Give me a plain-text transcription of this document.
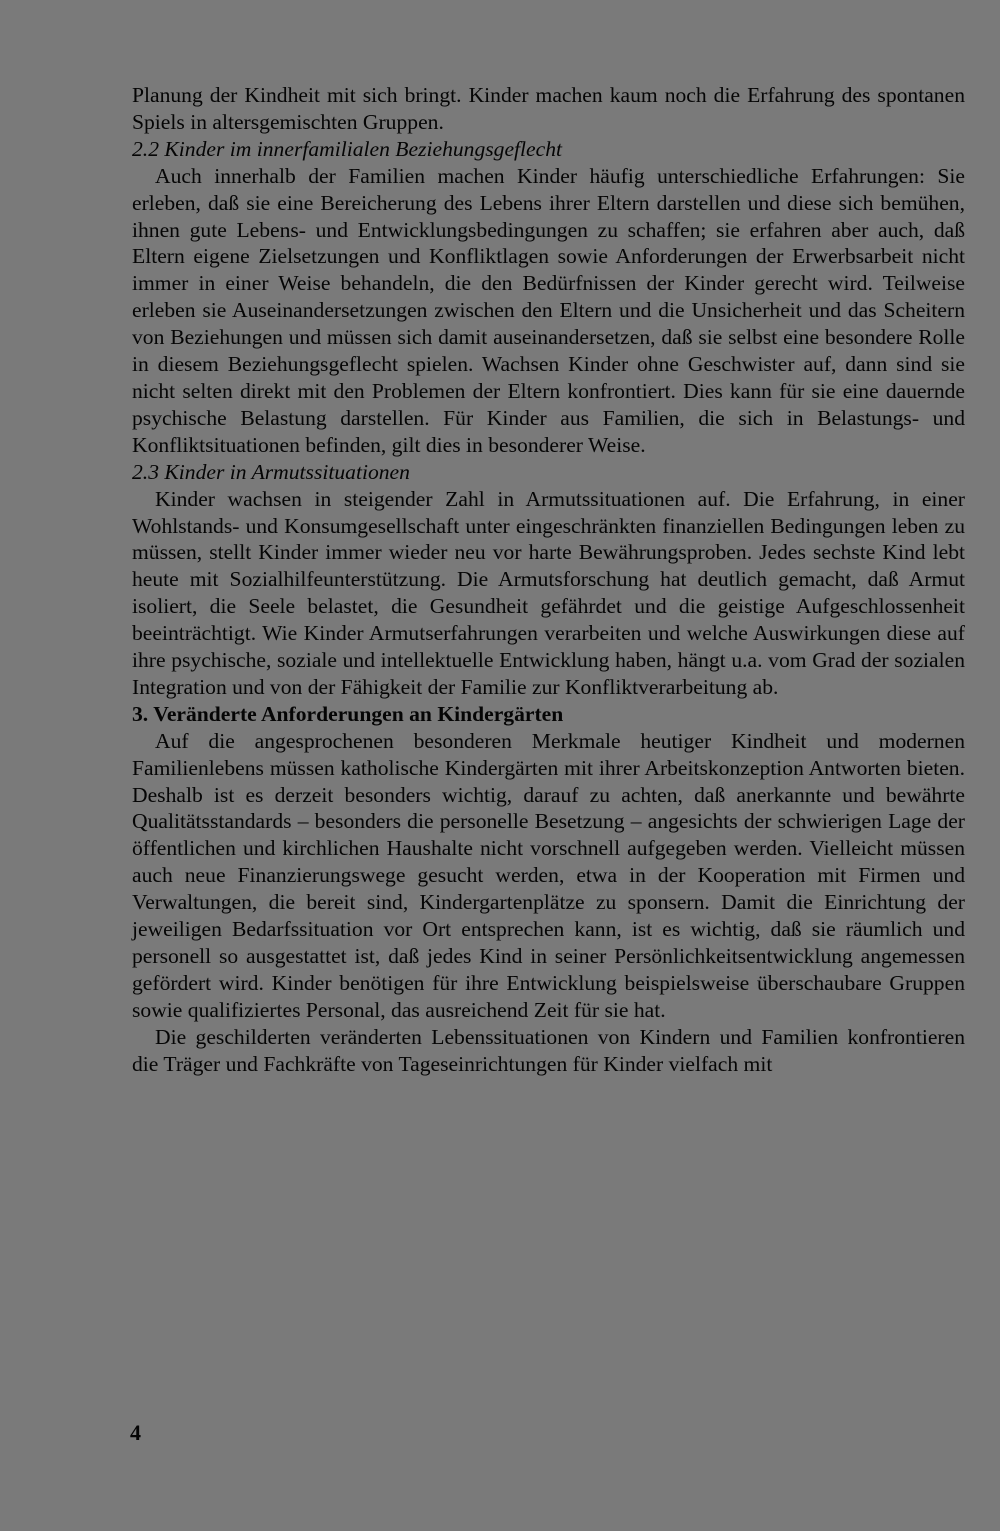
Planung der Kindheit mit sich bringt. Kinder machen kaum noch die Erfahrung des spontanen Spiels in altersgemischten Gruppen.

2.2 Kinder im innerfamilialen Beziehungsgeflecht

Auch innerhalb der Familien machen Kinder häufig unterschiedliche Erfahrungen: Sie erleben, daß sie eine Bereicherung des Lebens ihrer Eltern darstellen und diese sich bemühen, ihnen gute Lebens- und Entwicklungsbedingungen zu schaffen; sie erfahren aber auch, daß Eltern eigene Zielsetzungen und Konfliktlagen sowie Anforderungen der Erwerbsarbeit nicht immer in einer Weise behandeln, die den Bedürfnissen der Kinder gerecht wird. Teilweise erleben sie Auseinandersetzungen zwischen den Eltern und die Unsicherheit und das Scheitern von Beziehungen und müssen sich damit auseinandersetzen, daß sie selbst eine besondere Rolle in diesem Beziehungsgeflecht spielen. Wachsen Kinder ohne Geschwister auf, dann sind sie nicht selten direkt mit den Problemen der Eltern konfrontiert. Dies kann für sie eine dauernde psychische Belastung darstellen. Für Kinder aus Familien, die sich in Belastungs- und Konfliktsituationen befinden, gilt dies in besonderer Weise.

2.3 Kinder in Armutssituationen

Kinder wachsen in steigender Zahl in Armutssituationen auf. Die Erfahrung, in einer Wohlstands- und Konsumgesellschaft unter eingeschränkten finanziellen Bedingungen leben zu müssen, stellt Kinder immer wieder neu vor harte Bewährungsproben. Jedes sechste Kind lebt heute mit Sozialhilfeunterstützung. Die Armutsforschung hat deutlich gemacht, daß Armut isoliert, die Seele belastet, die Gesundheit gefährdet und die geistige Aufgeschlossenheit beeinträchtigt. Wie Kinder Armutserfahrungen verarbeiten und welche Auswirkungen diese auf ihre psychische, soziale und intellektuelle Entwicklung haben, hängt u.a. vom Grad der sozialen Integration und von der Fähigkeit der Familie zur Konfliktverarbeitung ab.

3. Veränderte Anforderungen an Kindergärten

Auf die angesprochenen besonderen Merkmale heutiger Kindheit und modernen Familienlebens müssen katholische Kindergärten mit ihrer Arbeitskonzeption Antworten bieten. Deshalb ist es derzeit besonders wichtig, darauf zu achten, daß anerkannte und bewährte Qualitätsstandards – besonders die personelle Besetzung – angesichts der schwierigen Lage der öffentlichen und kirchlichen Haushalte nicht vorschnell aufgegeben werden. Vielleicht müssen auch neue Finanzierungswege gesucht werden, etwa in der Kooperation mit Firmen und Verwaltungen, die bereit sind, Kindergartenplätze zu sponsern. Damit die Einrichtung der jeweiligen Bedarfssituation vor Ort entsprechen kann, ist es wichtig, daß sie räumlich und personell so ausgestattet ist, daß jedes Kind in seiner Persönlichkeitsentwicklung angemessen gefördert wird. Kinder benötigen für ihre Entwicklung beispielsweise überschaubare Gruppen sowie qualifiziertes Personal, das ausreichend Zeit für sie hat.

Die geschilderten veränderten Lebenssituationen von Kindern und Familien konfrontieren die Träger und Fachkräfte von Tageseinrichtungen für Kinder vielfach mit

4
